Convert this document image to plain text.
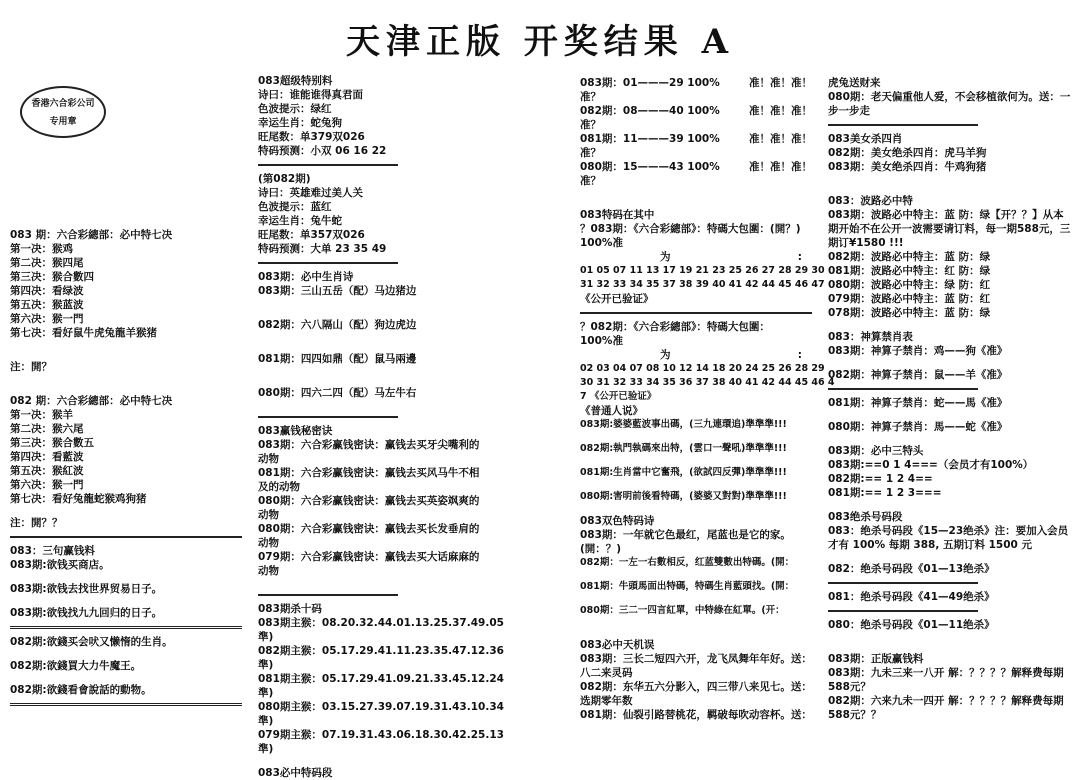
天津正版 开奖结果 A
香港六合彩公司
专用章
083 期：六合彩總部：必中特七决
第一决：猴鸡
第二决：猴四尾
第三决：猴合數四
第四决：看绿波
第五决：猴蓝波
第六决：猴一門
第七决：看好鼠牛虎兔龍羊猴猪
注：開？
082 期：六合彩總部：必中特七决
第一决：猴羊
第二决：猴六尾
第三决：猴合數五
第四决：看藍波
第五决：猴紅波
第六决：猴一門
第七决：看好兔龍蛇猴鸡狗猪
注：開？？
083：三句赢钱料
083期:欲钱买商店。
083期:欲钱去找世界贸易日子。
083期:欲钱找九九回归的日子。
082期:欲錢买会吠又懒惰的生肖。
082期:欲錢買大力牛魔王。
082期:欲錢看會說話的動物。
083超级特别料
诗曰：谁能谁得真君面
色波提示：绿红
幸运生肖：蛇兔狗
旺尾数：单379双026
特码预测：小双 06 16 22
(第082期)
诗曰：英雄难过美人关
色波提示：蓝红
幸运生肖：兔牛蛇
旺尾数：单357双026
特码预测：大单 23 35 49
083期：必中生肖诗
083期：三山五岳（配）马边猪边
082期：六八隔山（配）狗边虎边
081期：四四如鼎（配）鼠马兩邊
080期：四六二四（配）马左牛右
083赢钱秘密诀
083期：六合彩赢钱密诀：赢钱去买牙尖嘴利的动物
081期：六合彩赢钱密诀：赢钱去买风马牛不相及的动物
080期：六合彩赢钱密诀：赢钱去买英姿飒爽的动物
080期：六合彩赢钱密诀：赢钱去买长发垂肩的动物
079期：六合彩赢钱密诀：赢钱去买大话麻麻的动物
083期杀十码
083期主猴：08.20.32.44.01.13.25.37.49.05
準)
082期主猴：05.17.29.41.11.23.35.47.12.36
準)
081期主猴：05.17.29.41.09.21.33.45.12.24
準)
080期主猴：03.15.27.39.07.19.31.43.10.34
準)
079期主猴：07.19.31.43.06.18.30.42.25.13
準)
083必中特码段
083期：01———29 100%	准！准！准！
准？
082期：08———40 100%	准！准！准！
准？
081期：11———39 100%	准！准！准！
准？
080期：15———43 100%	准！准！准！
准？
083特码在其中
？083期：《六合彩總部》：特碼大包圍：(開？)
100%准
为	:
01 05 07 11 13 17 19 21 23 25 26 27 28 29 30
31 32 33 34 35 37 38 39 40 41 42 44 45 46 47
《公开已验证》
？082期：《六合彩總部》：特碼大包圍：
100%准
为	:
02 03 04 07 08 10 12 14 18 20 24 25 26 28 29
30 31 32 33 34 35 36 37 38 40 41 42 44 45 46 4
7 《公开已验证》
《普通人说》
083期:婆婆藍波事出碼，(三九連環追)準準準!!!
082期:執門執碼來出特，(雲口一聲吼)準準準!!!
081期:生肖當中它奮飛，(欲試四反彈)準準準!!!
080期:害明前後看特碼，(婆婆又對對)準準準!!!
083双色特码诗
083期：一年就它色最红，尾蓝也是它的家。(開：？)
082期：一左一右數相反，红蓝雙數出特碼。(開：
081期：牛頭馬面出特碼，特碼生肖藍頭找。(開：
080期：三二一四言紅單，中特綠在紅單。(开：
083必中天机误
083期：三长二短四六开，龙飞凤舞年年好。送：八二来灵码
082期：东华五六分影入，四三带八来见七。送：选期零年数
081期：仙裂引路替桃花，羁破每吹动容杯。送：
虎兔送财来
080期：老天偏重他人爱，不会移植欲何为。送：一步一步走
083美女杀四肖
082期：美女绝杀四肖：虎马羊狗
083期：美女绝杀四肖：牛鸡狗猪
083：波路必中特
083期：波路必中特主：蓝 防：绿【开？？】从本期开始不在公开一波需要请订料，每一期588元，三期订¥1580 !!!
082期：波路必中特主：蓝 防：绿
081期：波路必中特主：红 防：绿
080期：波路必中特主：绿 防：红
079期：波路必中特主：蓝 防：红
078期：波路必中特主：蓝 防：绿
083：神算禁肖表
083期：神算子禁肖：鸡——狗《准》
082期：神算子禁肖：鼠——羊《准》
081期：神算子禁肖：蛇——馬《准》
080期：神算子禁肖：馬——蛇《准》
083期：必中三特头
083期:==0 1 4===（会员才有100%）
082期:== 1 2 4==
081期:== 1 2 3===
083绝杀号码段
083：绝杀号码段《15—23绝杀》注：要加入会员才有 100% 每期 388, 五期订料 1500 元
082：绝杀号码段《01—13绝杀》
081：绝杀号码段《41—49绝杀》
080：绝杀号码段《01—11绝杀》
083期：正版赢钱料
083期：九未三来一八开 解：？？？？解释费每期588元？
082期：六来九未一四开 解：？？？？解释费每期588元？？
